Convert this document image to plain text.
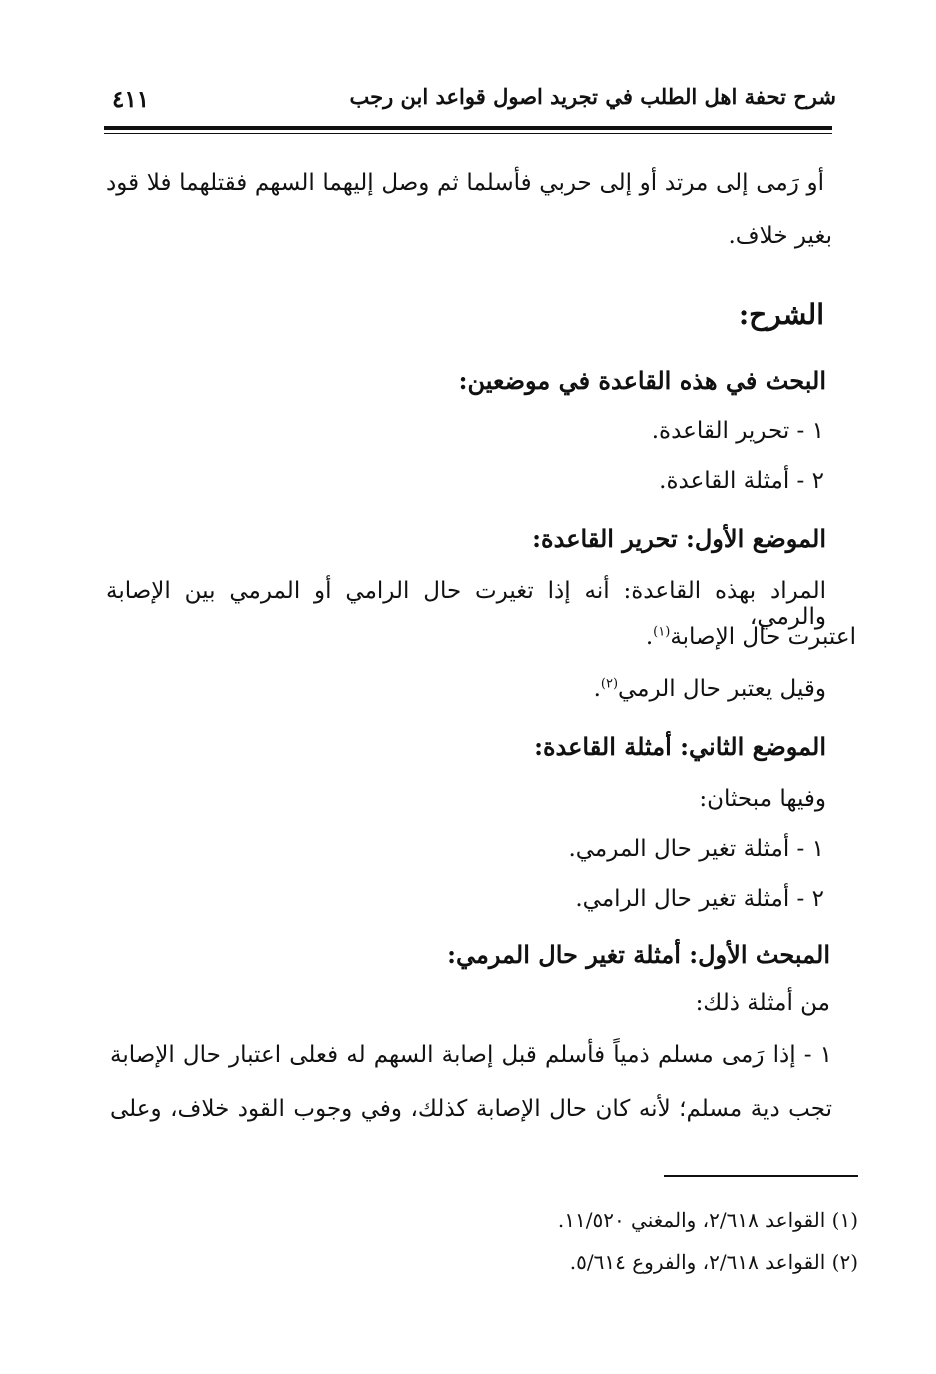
شرح تحفة اهل الطلب في تجريد اصول قواعد ابن رجب
٤١١
أو رَمى إلى مرتد أو إلى حربي فأسلما ثم وصل إليهما السهم فقتلهما فلا قود
بغير خلاف.
الشرح:
البحث في هذه القاعدة في موضعين:
١ - تحرير القاعدة.
٢ - أمثلة القاعدة.
الموضع الأول: تحرير القاعدة:
المراد بهذه القاعدة: أنه إذا تغيرت حال الرامي أو المرمي بين الإصابة والرمي،
اعتبرت حال الإصابة$^{(١)}$.
وقيل يعتبر حال الرمي$^{(٢)}$.
الموضع الثاني: أمثلة القاعدة:
وفيها مبحثان:
١ - أمثلة تغير حال المرمي.
٢ - أمثلة تغير حال الرامي.
المبحث الأول: أمثلة تغير حال المرمي:
من أمثلة ذلك:
١ - إذا رَمى مسلم ذمياً فأسلم قبل إصابة السهم له فعلى اعتبار حال الإصابة
تجب دية مسلم؛ لأنه كان حال الإصابة كذلك، وفي وجوب القود خلاف، وعلى
(١) القواعد ٢/٦١٨، والمغني ١١/٥٢٠.
(٢) القواعد ٢/٦١٨، والفروع ٥/٦١٤.
